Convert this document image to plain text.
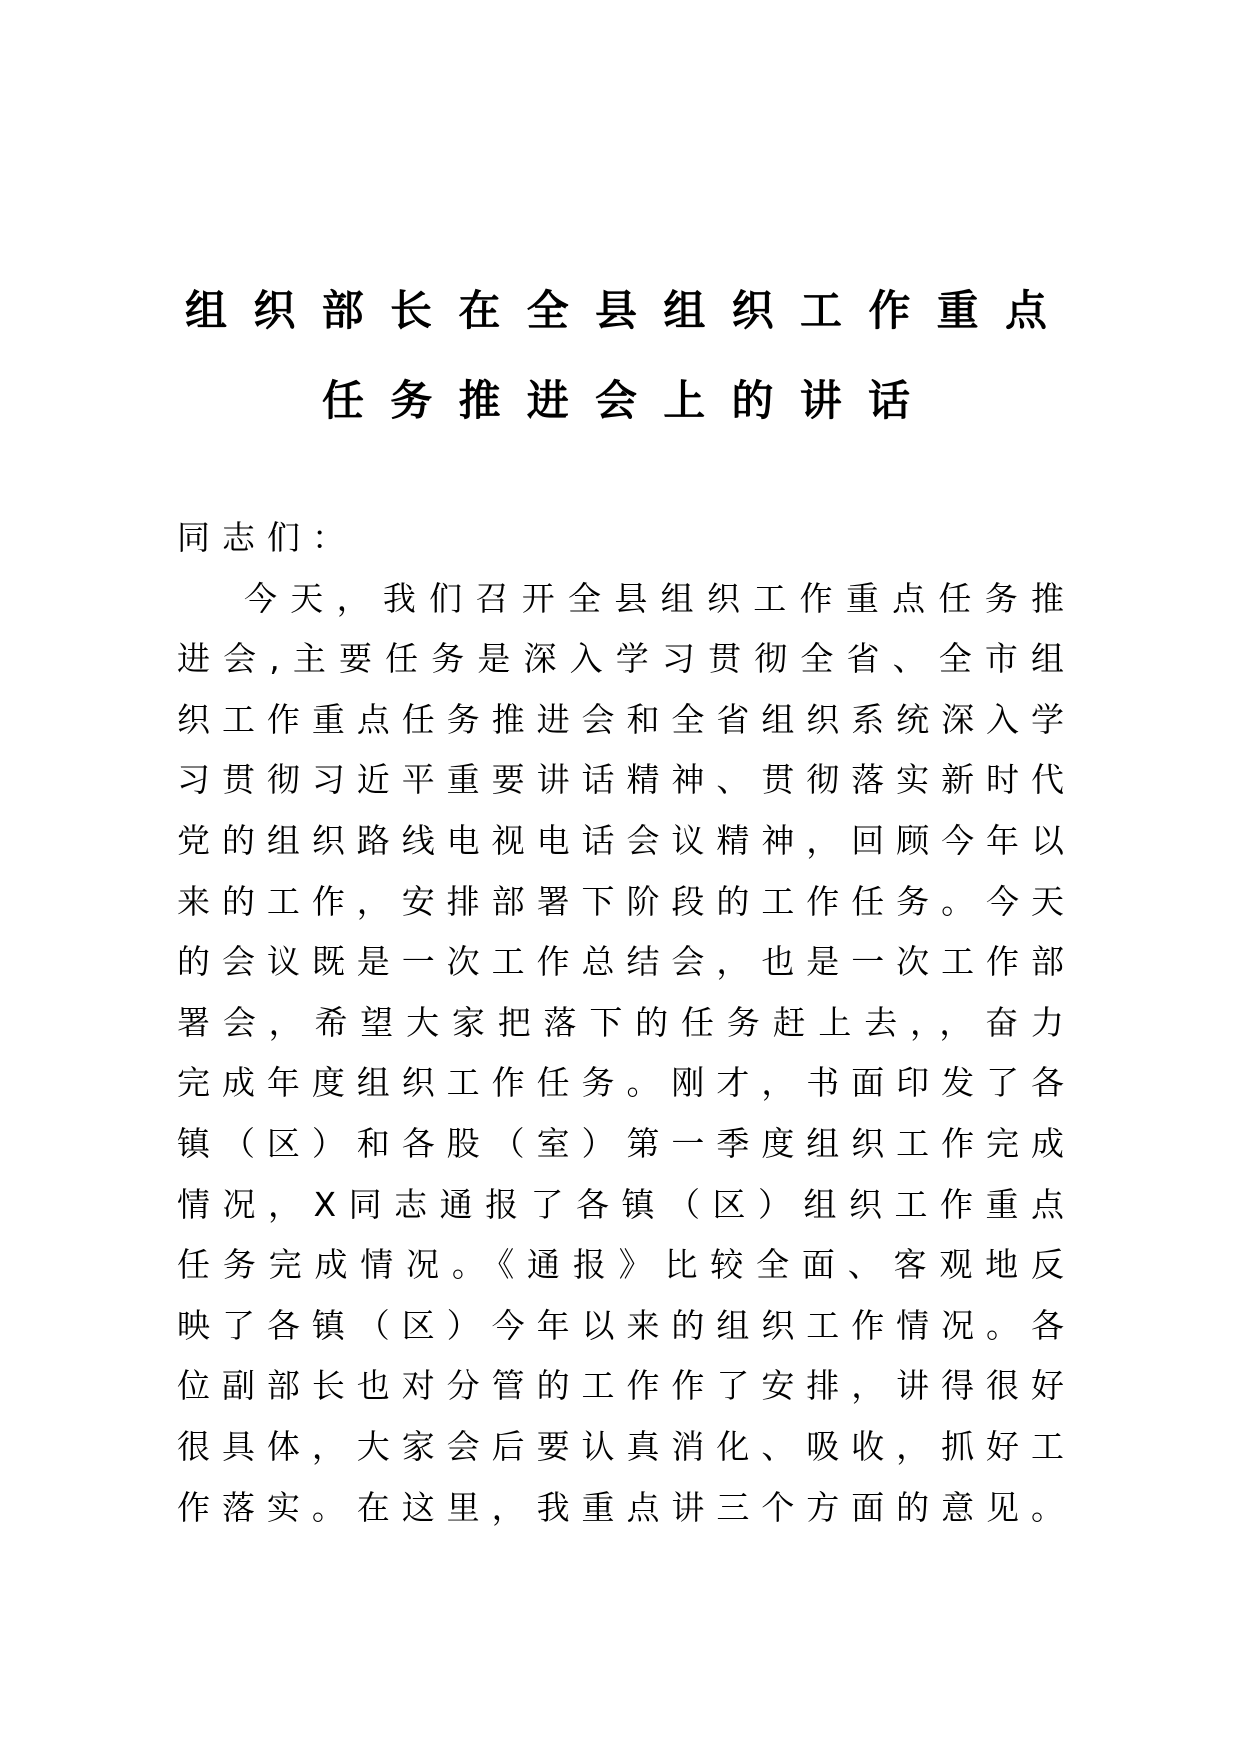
组织部长在全县组织工作重点
任务推进会上的讲话
同志们：
今天，我们召开全县组织工作重点任务推
进会,主要任务是深入学习贯彻全省、全市组
织工作重点任务推进会和全省组织系统深入学
习贯彻习近平重要讲话精神、贯彻落实新时代
党的组织路线电视电话会议精神，回顾今年以
来的工作，安排部署下阶段的工作任务。今天
的会议既是一次工作总结会，也是一次工作部
署会，希望大家把落下的任务赶上去，，奋力
完成年度组织工作任务。刚才，书面印发了各
镇（区）和各股（室）第一季度组织工作完成
情况，X同志通报了各镇（区）组织工作重点
任务完成情况。《通报》比较全面、客观地反
映了各镇（区）今年以来的组织工作情况。各
位副部长也对分管的工作作了安排，讲得很好
很具体，大家会后要认真消化、吸收，抓好工
作落实。在这里，我重点讲三个方面的意见。
